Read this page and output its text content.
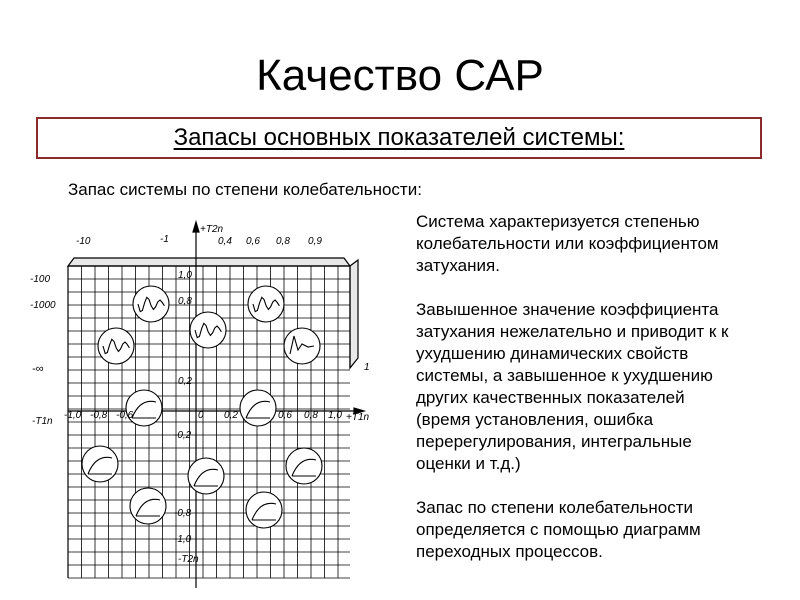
Качество САР
Запасы основных показателей системы:
Запас системы по степени колебательности:

Система характеризуется степенью
колебательности или коэффициентом
затухания.

Завышенное значение коэффициента
затухания нежелательно и приводит к к
ухудшению динамических свойств
системы, а завышенное к ухудшению
других качественных показателей
(время установления, ошибка
перерегулирования, интегральные
оценки и т.д.)

Запас по степени колебательности
определяется с помощью диаграмм
переходных процессов.

-10	-1
+T2n
0,4 0,6 0,8 0,9
-100
-1000
-∞	1
-T1n
-1,0 -0,8 -0,6	0 0,2	0,6 0,8 1,0 +T1n
1,0
0,8
0,2
-0,2
-0,8
-1,0
-T2n
